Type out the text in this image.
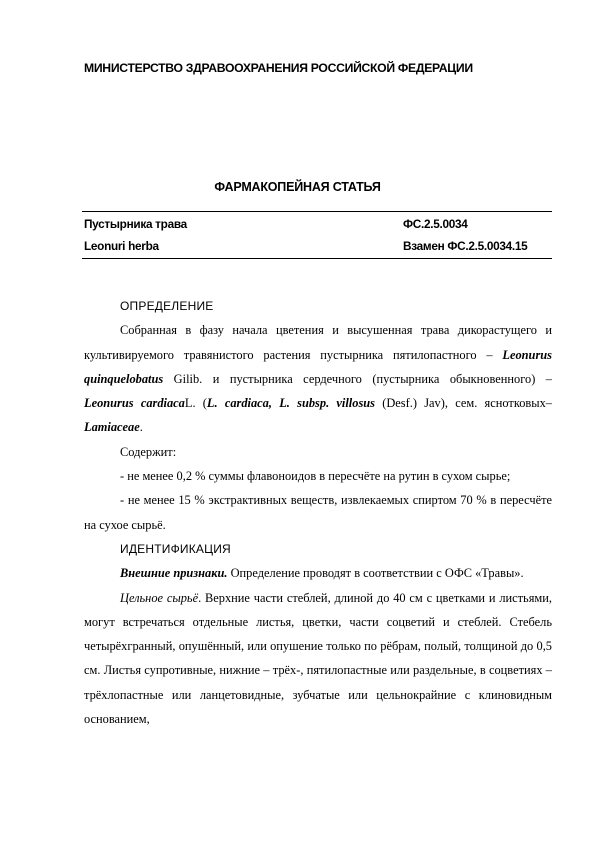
МИНИСТЕРСТВО ЗДРАВООХРАНЕНИЯ РОССИЙСКОЙ ФЕДЕРАЦИИ
ФАРМАКОПЕЙНАЯ СТАТЬЯ
Пустырника трава	ФС.2.5.0034
Leonuri herba	Взамен ФС.2.5.0034.15

ОПРЕДЕЛЕНИЕ

Собранная в фазу начала цветения и высушенная трава дикорастущего и культивируемого травянистого растения пустырника пятилопастного – Leonurus quinquelobatus Gilib. и пустырника сердечного (пустырника обыкновенного) – Leonurus cardiacaL. (L. cardiaca, L. subsp. villosus (Desf.) Jav), сем. яснотковых– Lamiaceae.

Содержит:

- не менее 0,2 % суммы флавоноидов в пересчёте на рутин в сухом сырье;

- не менее 15 % экстрактивных веществ, извлекаемых спиртом 70 % в пересчёте на сухое сырьё.

ИДЕНТИФИКАЦИЯ

Внешние признаки. Определение проводят в соответствии с ОФС «Травы».

Цельное сырьё. Верхние части стеблей, длиной до 40 см с цветками и листьями, могут встречаться отдельные листья, цветки, части соцветий и стеблей. Стебель четырёхгранный, опушённый, или опушение только по рёбрам, полый, толщиной до 0,5 см. Листья супротивные, нижние – трёх-, пятилопастные или раздельные, в соцветиях – трёхлопастные или ланцетовидные, зубчатые или цельнокрайние с клиновидным основанием,
